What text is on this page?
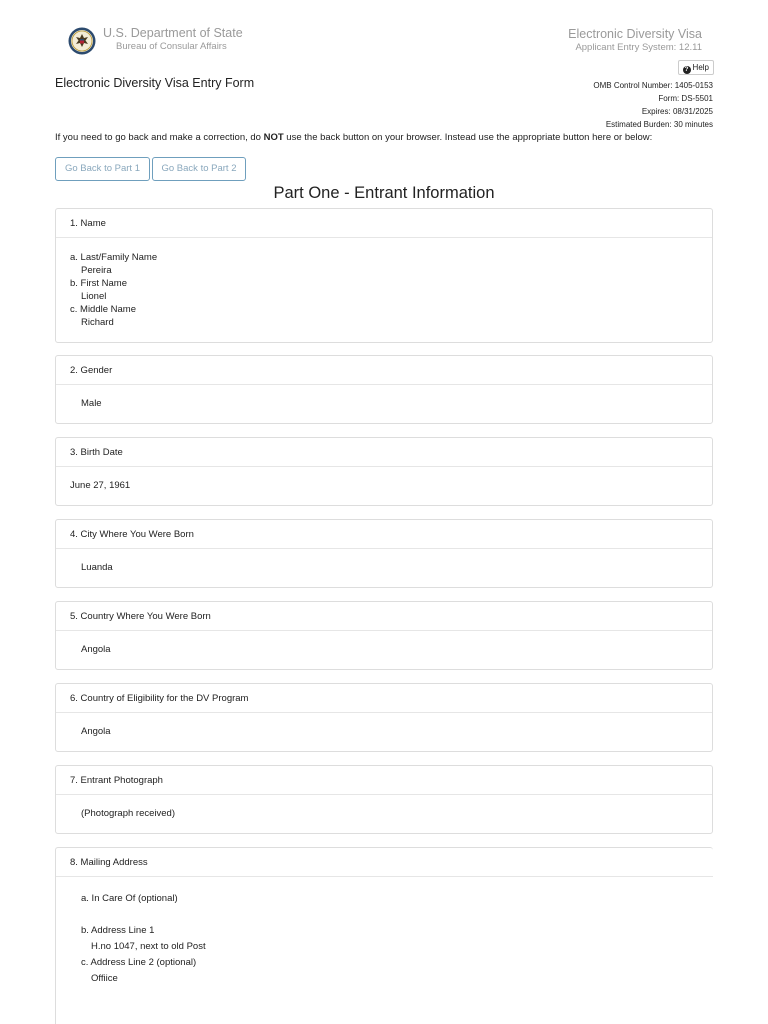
U.S. Department of State
Bureau of Consular Affairs
Electronic Diversity Visa
Applicant Entry System: 12.11
? Help
Electronic Diversity Visa Entry Form	OMB Control Number: 1405-0153
Form: DS-5501
Expires: 08/31/2025
Estimated Burden: 30 minutes
If you need to go back and make a correction, do NOT use the back button on your browser. Instead use the appropriate button here or below:
Go Back to Part 1	Go Back to Part 2
Part One - Entrant Information
1. Name
a. Last/Family Name
Pereira
b. First Name
Lionel
c. Middle Name
Richard
2. Gender
Male
3. Birth Date
June 27, 1961
4. City Where You Were Born
Luanda
5. Country Where You Were Born
Angola
6. Country of Eligibility for the DV Program
Angola
7. Entrant Photograph
(Photograph received)
8. Mailing Address
a. In Care Of (optional)
b. Address Line 1
H.no 1047, next to old Post
c. Address Line 2 (optional)
Offiice
